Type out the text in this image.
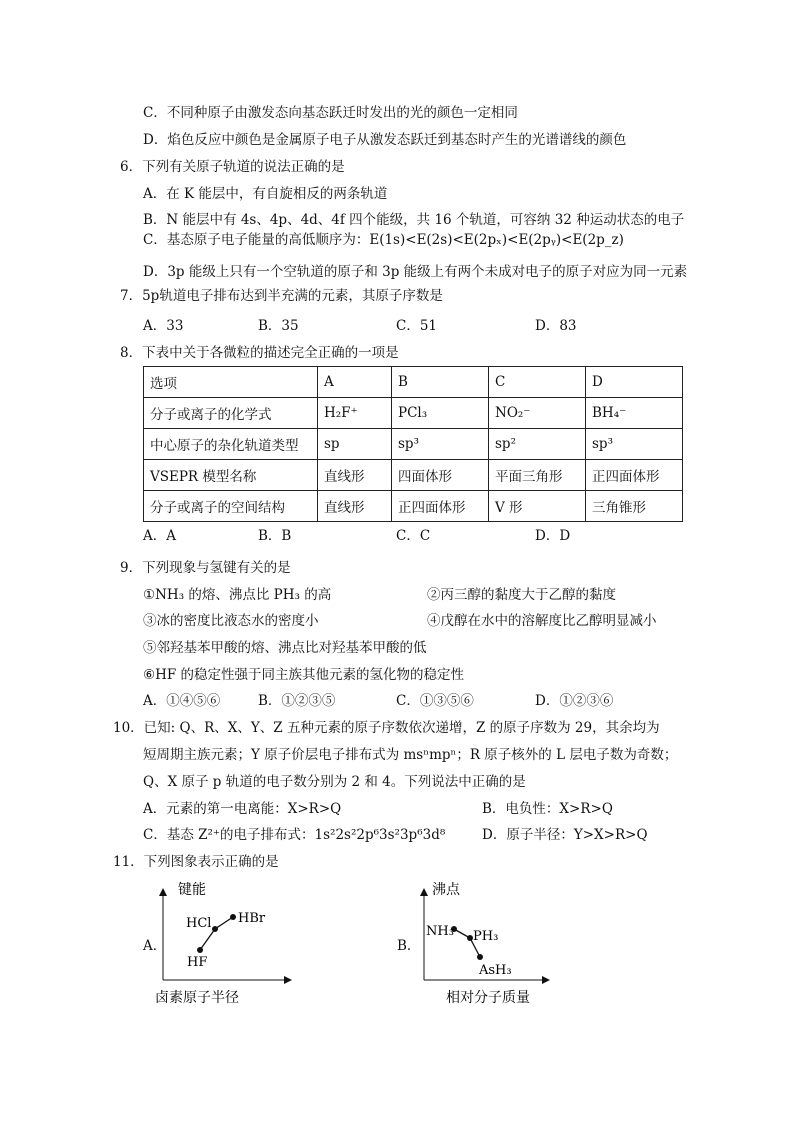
C．不同种原子由激发态向基态跃迁时发出的光的颜色一定相同
D．焰色反应中颜色是金属原子电子从激发态跃迁到基态时产生的光谱谱线的颜色
6．下列有关原子轨道的说法正确的是
A．在 K 能层中，有自旋相反的两条轨道
B．N 能层中有 4s、4p、4d、4f 四个能级，共 16 个轨道，可容纳 32 种运动状态的电子
C．基态原子电子能量的高低顺序为：E(1s)<E(2s)<E(2pₓ)<E(2pᵧ)<E(2p_z)
D．3p 能级上只有一个空轨道的原子和 3p 能级上有两个未成对电子的原子对应为同一元素
7．5p轨道电子排布达到半充满的元素，其原子序数是
A．33	B．35	C．51	D．83
8．下表中关于各微粒的描述完全正确的一项是
选项	A	B	C	D
分子或离子的化学式	H₂F⁺	PCl₃	NO₂⁻	BH₄⁻
中心原子的杂化轨道类型	sp	sp³	sp²	sp³
VSEPR 模型名称	直线形	四面体形	平面三角形	正四面体形
分子或离子的空间结构	直线形	正四面体形	V 形	三角锥形
A．A	B．B	C．C	D．D
9．下列现象与氢键有关的是
①NH₃ 的熔、沸点比 PH₃ 的高	②丙三醇的黏度大于乙醇的黏度
③冰的密度比液态水的密度小	④戊醇在水中的溶解度比乙醇明显减小
⑤邻羟基苯甲酸的熔、沸点比对羟基苯甲酸的低
⑥HF 的稳定性强于同主族其他元素的氢化物的稳定性
A．①④⑤⑥	B．①②③⑤	C．①③⑤⑥	D．①②③⑥
10．已知: Q、R、X、Y、Z 五种元素的原子序数依次递增，Z 的原子序数为 29，其余均为
短周期主族元素；Y 原子价层电子排布式为 msⁿmpⁿ；R 原子核外的 L 层电子数为奇数；
Q、X 原子 p 轨道的电子数分别为 2 和 4。下列说法中正确的是
A．元素的第一电离能：X>R>Q	B．电负性：X>R>Q
C．基态 Z²⁺的电子排布式：1s²2s²2p⁶3s²3p⁶3d⁸	D．原子半径：Y>X>R>Q
11．下列图象表示正确的是
A．
键能
卤素原子半径
HF
HCl HBr
B．
沸点
相对分子质量
NH₃ PH₃
AsH₃
